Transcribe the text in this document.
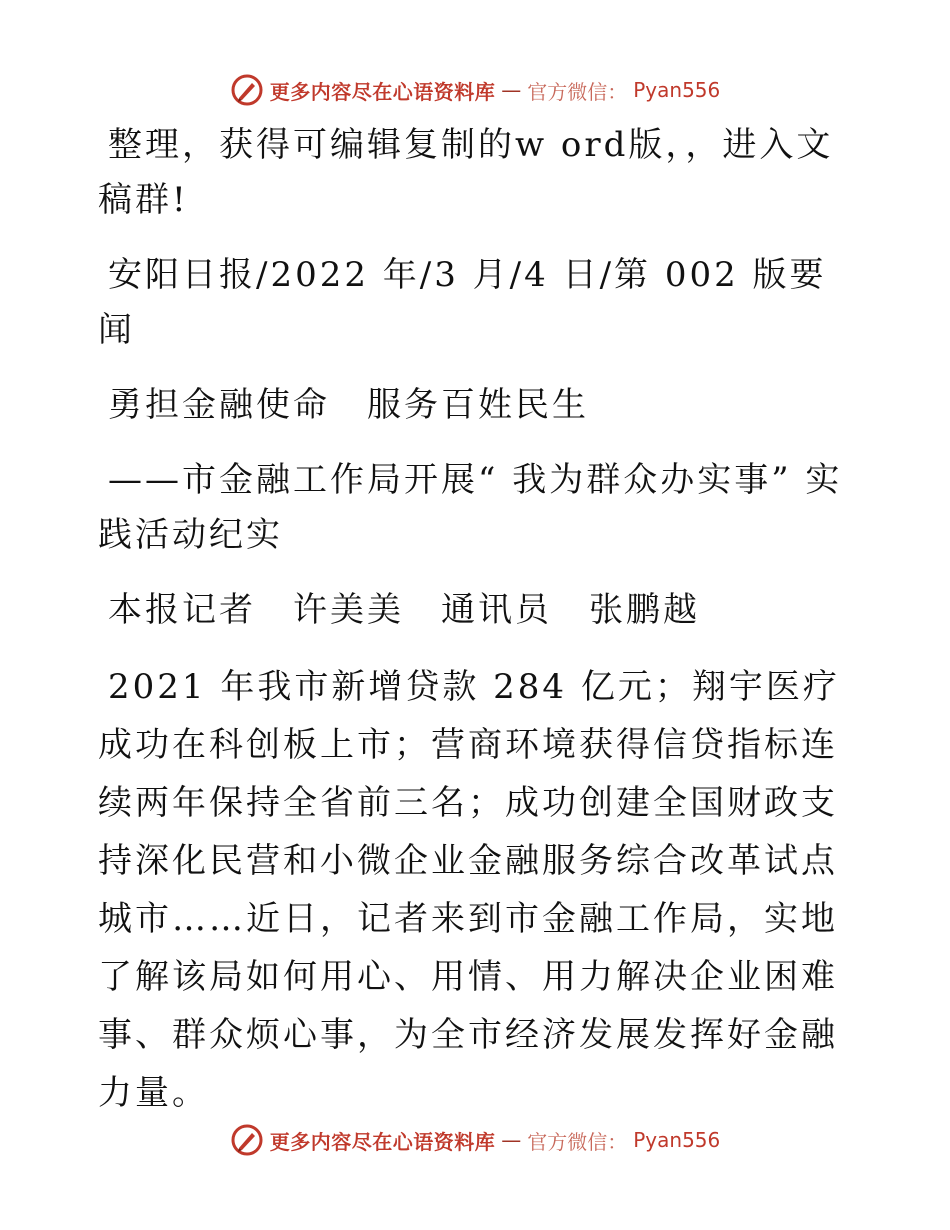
更多内容尽在心语资料库 — 官方微信： Pyan556

整理，获得可编辑复制的w ord版，，进入文稿群!

安阳日报/2022 年/3 月/4 日/第 002 版要闻

勇担金融使命　服务百姓民生

——市金融工作局开展“ 我为群众办实事” 实践活动纪实

本报记者　许美美　通讯员　张鹏越

2021 年我市新增贷款 284 亿元；翔宇医疗成功在科创板上市；营商环境获得信贷指标连续两年保持全省前三名；成功创建全国财政支持深化民营和小微企业金融服务综合改革试点城市……近日，记者来到市金融工作局，实地了解该局如何用心、用情、用力解决企业困难事、群众烦心事，为全市经济发展发挥好金融力量。

更多内容尽在心语资料库 — 官方微信： Pyan556
